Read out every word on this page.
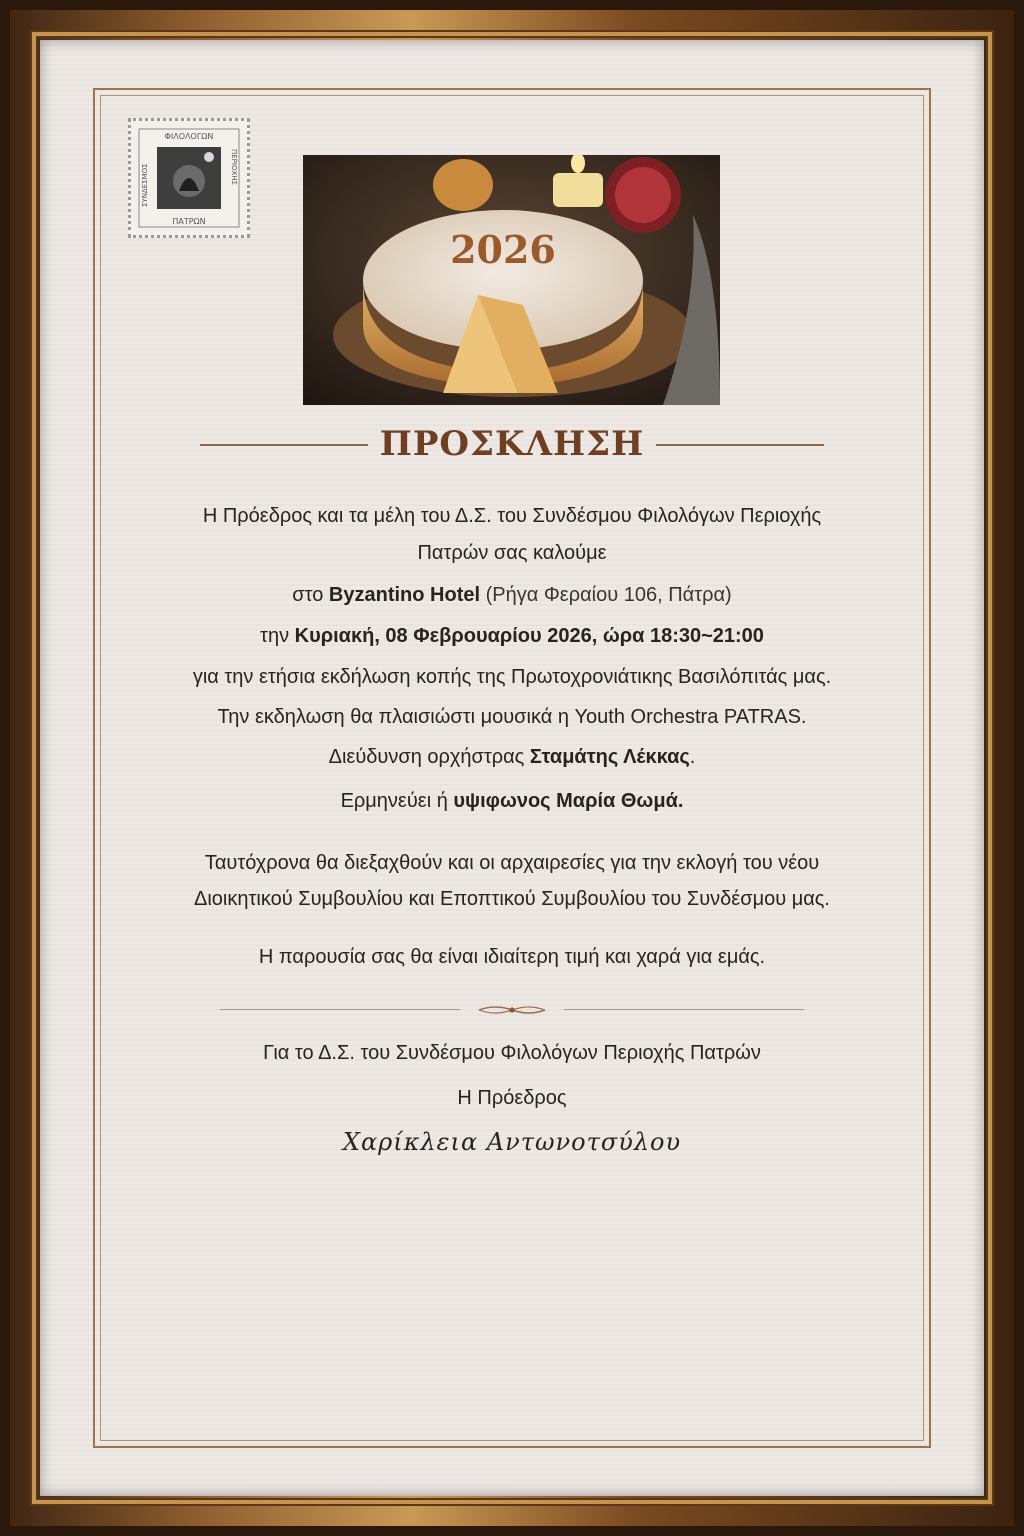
ΦΙΛΟΛΟΓΩΝ
ΠΑΤΡΩΝ
ΣΥΝΔΕΣΜΟΣ	ΠΕΡΙΟΧΗΣ
2026
ΠΡΟΣΚΛΗΣΗ
Η Πρόεδρος και τα μέλη του Δ.Σ. του Συνδέσμου Φιλολόγων Περιοχής
Πατρών σας καλούμε
στο Byzantino Hotel (Ρήγα Φεραίου 106, Πάτρα)
την Κυριακή, 08 Φεβρουαρίου 2026, ώρα 18:30~21:00
για την ετήσια εκδήλωση κοπής της Πρωτοχρονιάτικης Βασιλόπιτάς μας.
Την εκδηλωση θα πλαισιώστι μουσικά η Youth Orchestra PATRAS.
Διεύδυνση ορχήστρας Σταμάτης Λέκκας.
Ερμηνεύει ή υψιφωνος Μαρία Θωμά.
Ταυτόχρονα θα διεξαχθούν και οι αρχαιρεσίες για την εκλογή του νέου
Διοικητικού Συμβουλίου και Εποπτικού Συμβουλίου του Συνδέσμου μας.
Η παρουσία σας θα είναι ιδιαίτερη τιμή και χαρά για εμάς.
Για το Δ.Σ. του Συνδέσμου Φιλολόγων Περιοχής Πατρών
Η Πρόεδρος
Χαρίκλεια Αντωνοτσύλου
